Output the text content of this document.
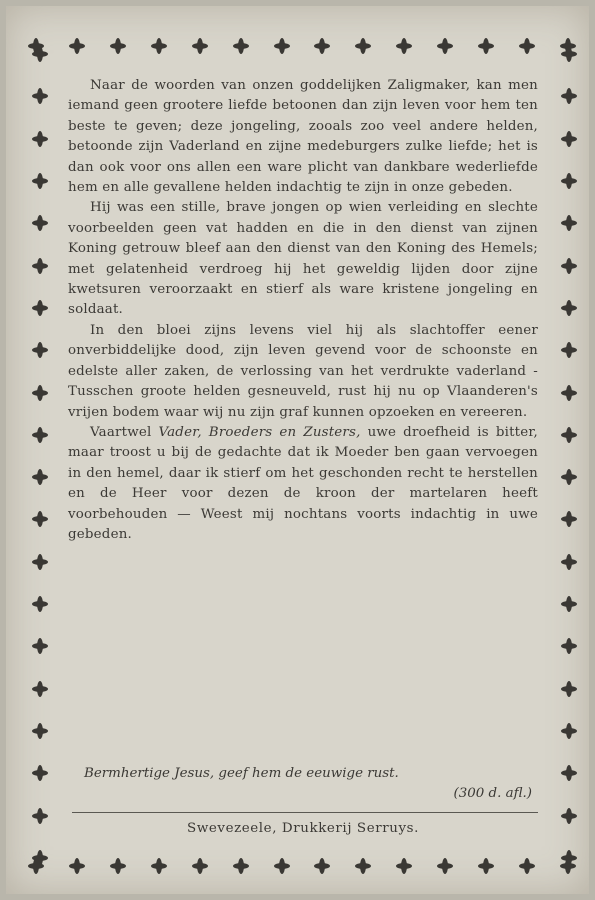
Naar de woorden van onzen goddelijken Zaligmaker, kan men iemand geen grootere liefde betoonen dan zijn leven voor hem ten beste te geven; deze jongeling, zooals zoo veel andere helden, betoonde zijn Vaderland en zijne medeburgers zulke liefde; het is dan ook voor ons allen een ware plicht van dankbare wederliefde hem en alle gevallene helden indachtig te zijn in onze gebeden.

Hij was een stille, brave jongen op wien verleiding en slechte voorbeelden geen vat hadden en die in den dienst van zijnen Koning getrouw bleef aan den dienst van den Koning des Hemels; met gelatenheid verdroeg hij het geweldig lijden door zijne kwetsuren veroorzaakt en stierf als ware kristene jongeling en soldaat.

In den bloei zijns levens viel hij als slachtoffer eener onverbiddelijke dood, zijn leven gevend voor de schoonste en edelste aller zaken, de verlossing van het verdrukte vaderland - Tusschen groote helden gesneuveld, rust hij nu op Vlaanderen's vrijen bodem waar wij nu zijn graf kunnen opzoeken en vereeren.

Vaartwel Vader, Broeders en Zusters, uwe droefheid is bitter, maar troost u bij de gedachte dat ik Moeder ben gaan vervoegen in den hemel, daar ik stierf om het geschonden recht te herstellen en de Heer voor dezen de kroon der martelaren heeft voorbehouden — Weest mij nochtans voorts indachtig in uwe gebeden.

Bermhertige Jesus, geef hem de eeuwige rust.
(300 d. afl.)
Swevezeele, Drukkerij Serruys.
